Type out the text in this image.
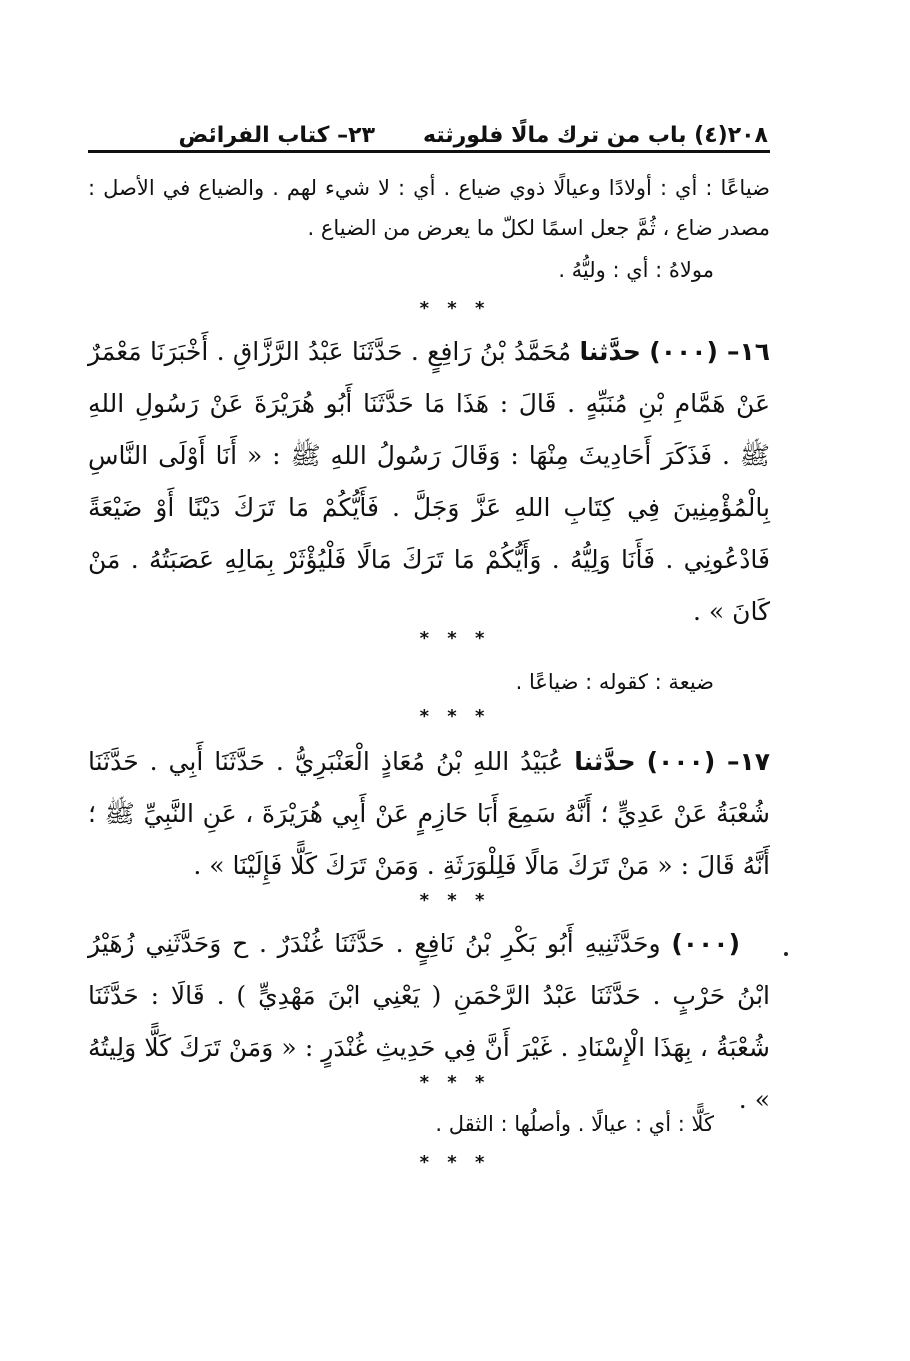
٢٠٨
(٤) باب من ترك مالًا فلورثته
٢٣– كتاب الفرائض
ضياعًا : أي : أولادًا وعيالًا ذوي ضياع . أي : لا شيء لهم . والضياع في الأصل : مصدر ضاع ، ثُمَّ جعل اسمًا لكلّ ما يعرض من الضياع .
مولاهُ : أي : وليُّهُ .
* * *
١٦– (٠٠٠) حدَّثنا مُحَمَّدُ بْنُ رَافِعٍ . حَدَّثَنَا عَبْدُ الرَّزَّاقِ . أَخْبَرَنَا مَعْمَرٌ عَنْ هَمَّامِ بْنِ مُنَبِّهٍ . قَالَ : هَذَا مَا حَدَّثَنَا أَبُو هُرَيْرَةَ عَنْ رَسُولِ اللهِ ﷺ . فَذَكَرَ أَحَادِيثَ مِنْهَا : وَقَالَ رَسُولُ اللهِ ﷺ : « أَنَا أَوْلَى النَّاسِ بِالْمُؤْمِنِينَ فِي كِتَابِ اللهِ عَزَّ وَجَلَّ . فَأَيُّكُمْ مَا تَرَكَ دَيْنًا أَوْ ضَيْعَةً فَادْعُونِي . فَأَنَا وَلِيُّهُ . وَأَيُّكُمْ مَا تَرَكَ مَالًا فَلْيُؤْثَرْ بِمَالِهِ عَصَبَتُهُ . مَنْ كَانَ » .
* * *
ضيعة : كقوله : ضياعًا .
* * *
١٧– (٠٠٠) حدَّثنا عُبَيْدُ اللهِ بْنُ مُعَاذٍ الْعَنْبَرِيُّ . حَدَّثَنَا أَبِي . حَدَّثَنَا شُعْبَةُ عَنْ عَدِيٍّ ؛ أَنَّهُ سَمِعَ أَبَا حَازِمٍ عَنْ أَبِي هُرَيْرَةَ ، عَنِ النَّبِيِّ ﷺ ؛ أَنَّهُ قَالَ : « مَنْ تَرَكَ مَالًا فَلِلْوَرَثَةِ . وَمَنْ تَرَكَ كَلًّا فَإِلَيْنَا » .
* * *
(٠٠٠) وحَدَّثَنِيهِ أَبُو بَكْرِ بْنُ نَافِعٍ . حَدَّثَنَا غُنْدَرٌ . ح وَحَدَّثَنِي زُهَيْرُ ابْنُ حَرْبٍ . حَدَّثَنَا عَبْدُ الرَّحْمَنِ ( يَعْنِي ابْنَ مَهْدِيٍّ ) . قَالَا : حَدَّثَنَا شُعْبَةُ ، بِهَذَا الْإِسْنَادِ . غَيْرَ أَنَّ فِي حَدِيثِ غُنْدَرٍ : « وَمَنْ تَرَكَ كَلًّا وَلِيتُهُ » .
* * *
كَلًّا : أي : عيالًا . وأصلُها : الثقل .
* * *
